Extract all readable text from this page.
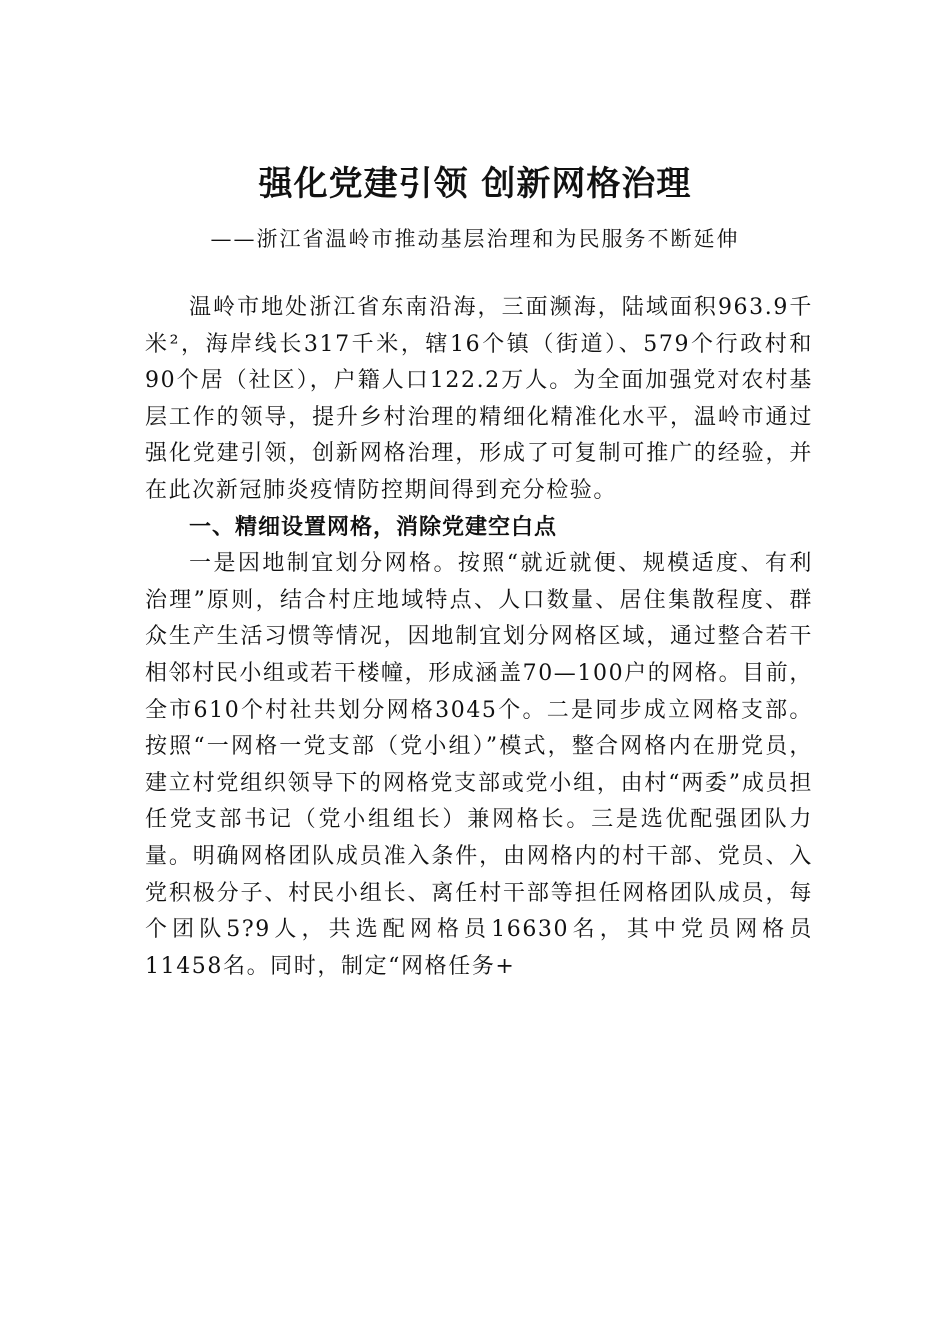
强化党建引领 创新网格治理
——浙江省温岭市推动基层治理和为民服务不断延伸

温岭市地处浙江省东南沿海，三面濒海，陆域面积963.9千米²，海岸线长317千米，辖16个镇（街道）、579个行政村和90个居（社区），户籍人口122.2万人。为全面加强党对农村基层工作的领导，提升乡村治理的精细化精准化水平，温岭市通过强化党建引领，创新网格治理，形成了可复制可推广的经验，并在此次新冠肺炎疫情防控期间得到充分检验。

一、精细设置网格，消除党建空白点

一是因地制宜划分网格。按照“就近就便、规模适度、有利治理”原则，结合村庄地域特点、人口数量、居住集散程度、群众生产生活习惯等情况，因地制宜划分网格区域，通过整合若干相邻村民小组或若干楼幢，形成涵盖70—100户的网格。目前，全市610个村社共划分网格3045个。二是同步成立网格支部。按照“一网格一党支部（党小组）”模式，整合网格内在册党员，建立村党组织领导下的网格党支部或党小组，由村“两委”成员担任党支部书记（党小组组长）兼网格长。三是选优配强团队力量。明确网格团队成员准入条件，由网格内的村干部、党员、入党积极分子、村民小组长、离任村干部等担任网格团队成员，每个团队5?9人，共选配网格员16630名，其中党员网格员11458名。同时，制定“网格任务+
